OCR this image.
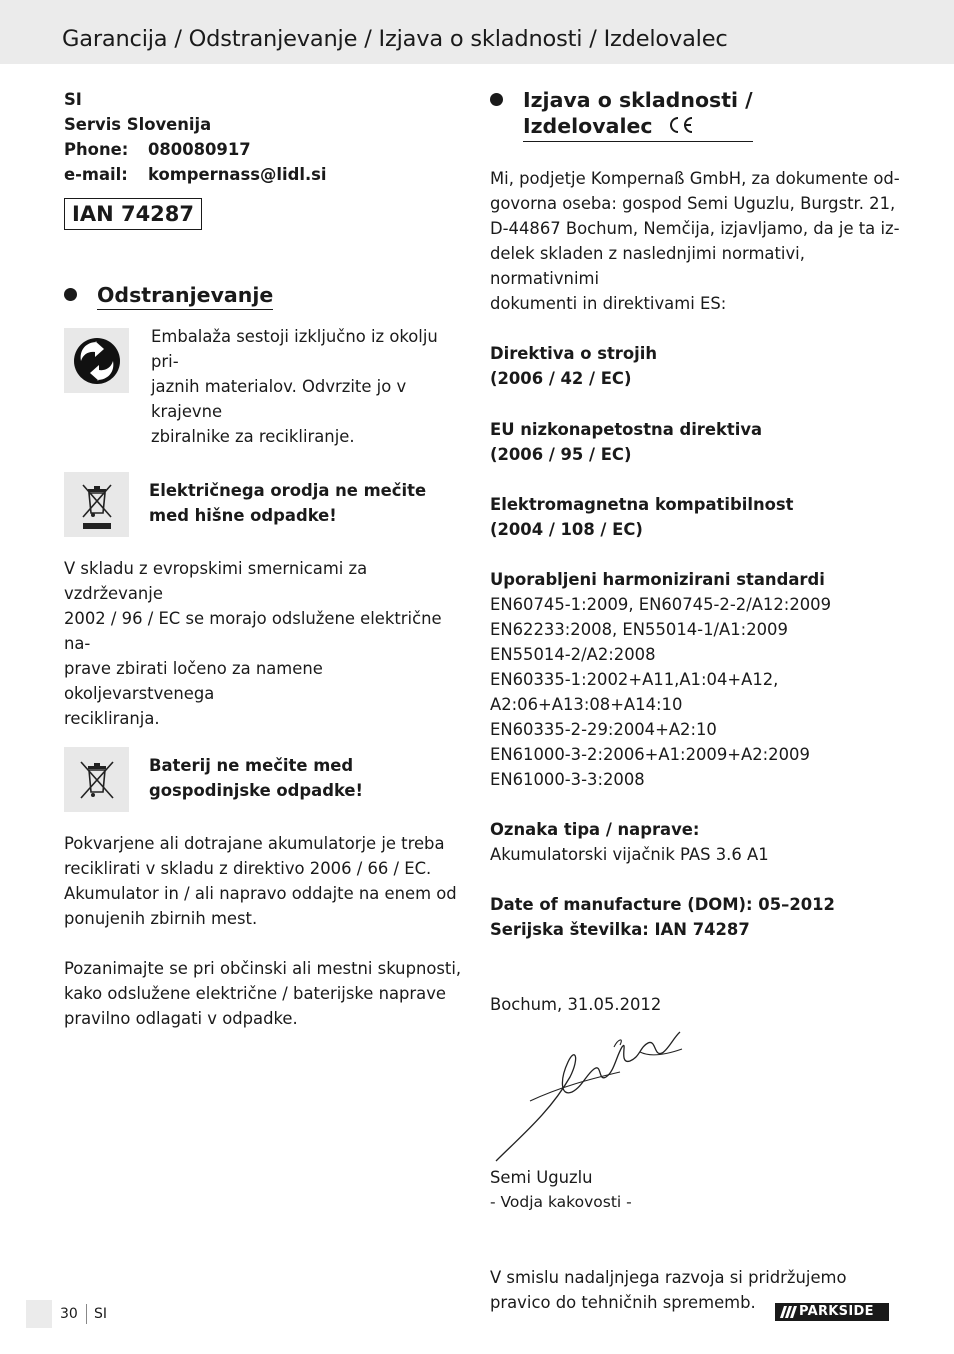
Garancija / Odstranjevanje / Izjava o skladnosti / Izdelovalec

SI

Servis Slovenija

Phone:	080080917
e-mail:	kompernass@lidl.si
IAN 74287
Odstranjevanje

Embalaža sestoji izključno iz okolju pri-

jaznih materialov. Odvrzite jo v krajevne

zbiralnike za recikliranje.

Električnega orodja ne mečite

med hišne odpadke!

V skladu z evropskimi smernicami za vzdrževanje

2002 / 96 / EC se morajo odslužene električne na-

prave zbirati ločeno za namene okoljevarstvenega

recikliranja.

Baterij ne mečite med

gospodinjske odpadke!

Pokvarjene ali dotrajane akumulatorje je treba

reciklirati v skladu z direktivo 2006 / 66 / EC.

Akumulator in / ali napravo oddajte na enem od

ponujenih zbirnih mest.

Pozanimajte se pri občinski ali mestni skupnosti,

kako odslužene električne / baterijske naprave

pravilno odlagati v odpadke.

Izjava o skladnosti /
Izdelovalec

Mi, podjetje Kompernaß GmbH, za dokumente od-

govorna oseba: gospod Semi Uguzlu, Burgstr. 21,

D-44867 Bochum, Nemčija, izjavljamo, da je ta iz-

delek skladen z naslednjimi normativi, normativnimi

dokumenti in direktivami ES:

Direktiva o strojih

(2006 / 42 / EC)

EU nizkonapetostna direktiva

(2006 / 95 / EC)

Elektromagnetna kompatibilnost

(2004 / 108 / EC)

Uporabljeni harmonizirani standardi

EN60745-1:2009, EN60745-2-2/A12:2009

EN62233:2008, EN55014-1/A1:2009

EN55014-2/A2:2008

EN60335-1:2002+A11,A1:04+A12,

A2:06+A13:08+A14:10

EN60335-2-29:2004+A2:10

EN61000-3-2:2006+A1:2009+A2:2009

EN61000-3-3:2008

Oznaka tipa / naprave:

Akumulatorski vijačnik PAS 3.6 A1

Date of manufacture (DOM): 05–2012

Serijska številka: IAN 74287

Bochum, 31.05.2012

Semi Uguzlu

- Vodja kakovosti -

V smislu nadaljnjega razvoja si pridržujemo

pravico do tehničnih sprememb.

30 SI	PARKSIDE
